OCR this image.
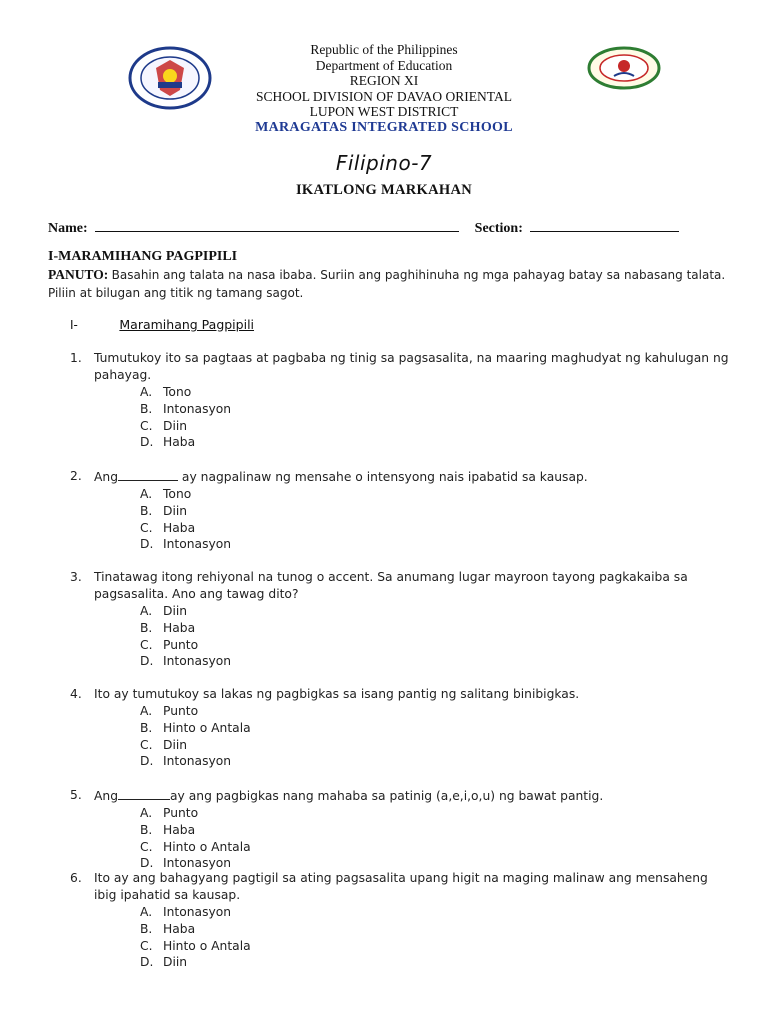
Republic of the Philippines
Department of Education
REGION XI
SCHOOL DIVISION OF DAVAO ORIENTAL
LUPON WEST DISTRICT
MARAGATAS INTEGRATED SCHOOL
Filipino-7
IKATLONG MARKAHAN
Name:	Section:
I-MARAMIHANG PAGPIPILI
PANUTO: Basahin ang talata na nasa ibaba. Suriin ang paghihinuha ng mga pahayag batay sa nabasang talata. Piliin at bilugan ang titik ng tamang sagot.
I-	Maramihang Pagpipili
1. Tumutukoy ito sa pagtaas at pagbaba ng tinig sa pagsasalita, na maaring maghudyat ng kahulugan ng pahayag.
A. Tono
B. Intonasyon
C. Diin
D. Haba
2. Ang	ay nagpalinaw ng mensahe o intensyong nais ipabatid sa kausap.
A. Tono
B. Diin
C. Haba
D. Intonasyon
3. Tinatawag itong rehiyonal na tunog o accent. Sa anumang lugar mayroon tayong pagkakaiba sa pagsasalita. Ano ang tawag dito?
A. Diin
B. Haba
C. Punto
D. Intonasyon
4. Ito ay tumutukoy sa lakas ng pagbigkas sa isang pantig ng salitang binibigkas.
A. Punto
B. Hinto o Antala
C. Diin
D. Intonasyon
5. Ang	ay ang pagbigkas nang mahaba sa patinig (a,e,i,o,u) ng bawat pantig.
A. Punto
B. Haba
C. Hinto o Antala
D. Intonasyon
6. Ito ay ang bahagyang pagtigil sa ating pagsasalita upang higit na maging malinaw ang mensaheng ibig ipahatid sa kausap.
A. Intonasyon
B. Haba
C. Hinto o Antala
D. Diin
